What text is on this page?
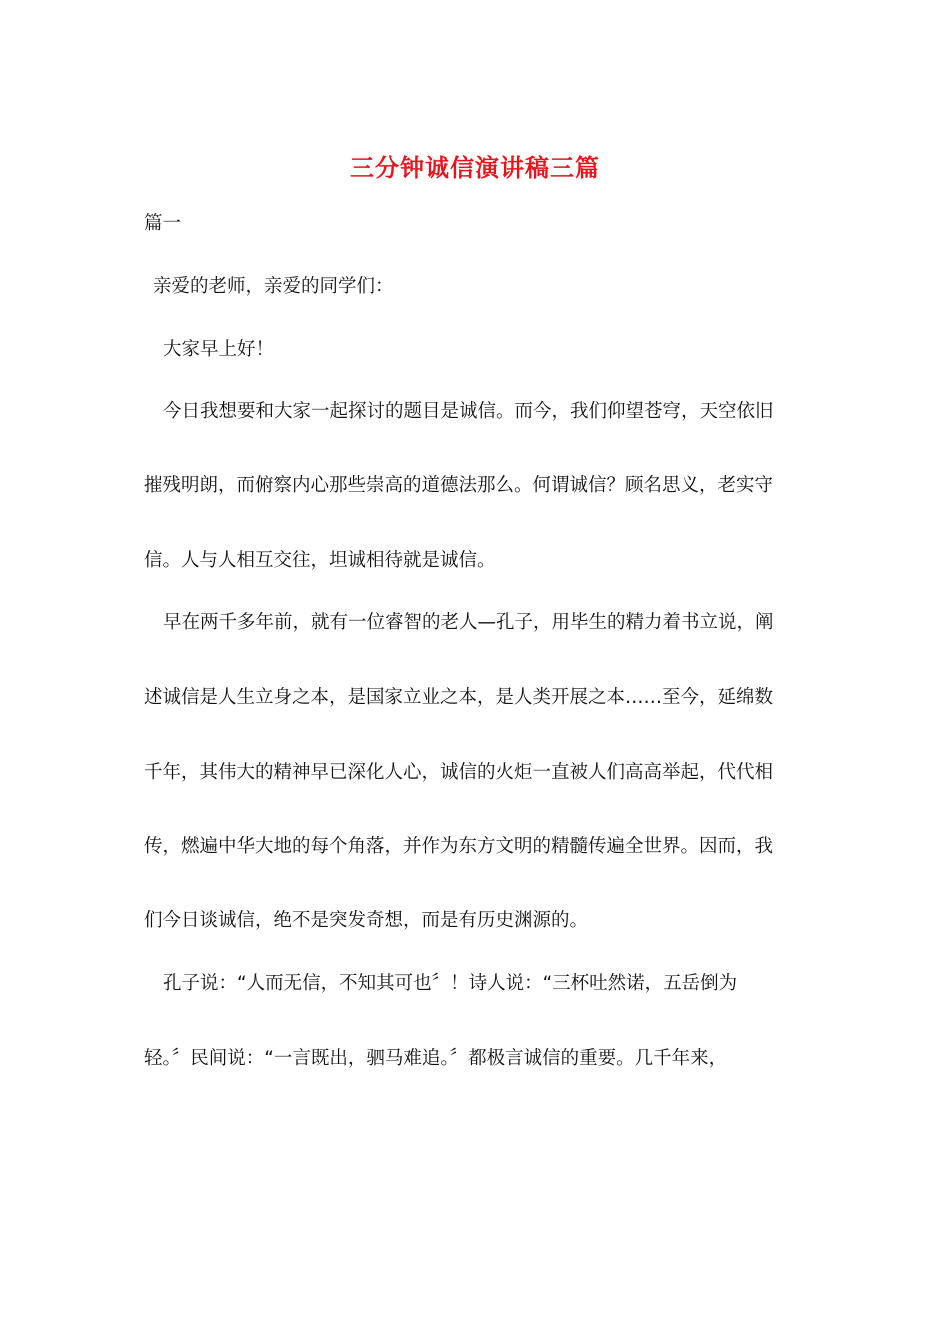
三分钟诚信演讲稿三篇
篇一
亲爱的老师，亲爱的同学们：
大家早上好！
今日我想要和大家一起探讨的题目是诚信。而今，我们仰望苍穹，天空依旧
摧残明朗，而俯察内心那些崇高的道德法那么。何谓诚信？顾名思义，老实守
信。人与人相互交往，坦诚相待就是诚信。
早在两千多年前，就有一位睿智的老人—孔子，用毕生的精力着书立说，阐
述诚信是人生立身之本，是国家立业之本，是人类开展之本……至今，延绵数
千年，其伟大的精神早已深化人心，诚信的火炬一直被人们高高举起，代代相
传，燃遍中华大地的每个角落，并作为东方文明的精髓传遍全世界。因而，我
们今日谈诚信，绝不是突发奇想，而是有历史渊源的。
孔子说：“人而无信，不知其可也〞！诗人说：“三杯吐然诺，五岳倒为
轻。〞民间说：“一言既出，驷马难追。〞都极言诚信的重要。几千年来，
